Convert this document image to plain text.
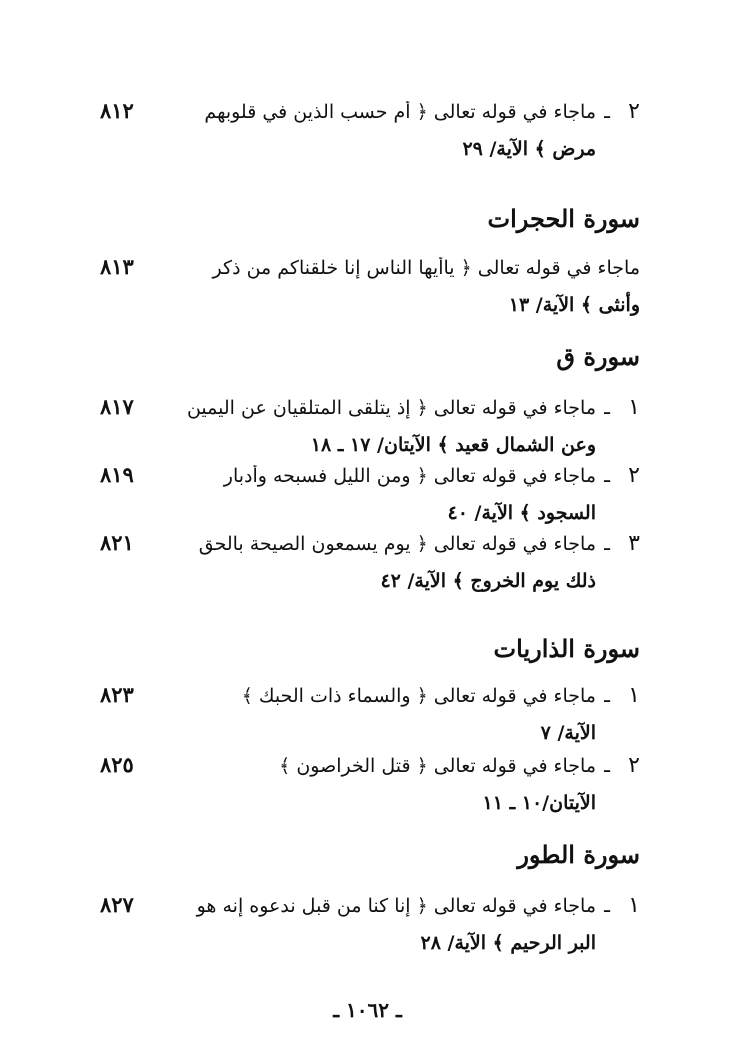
٢
ـ
ماجاء في قوله تعالى ﴿ أم حسب الذين في قلوبهم
٨١٢
مرض ﴾ الآية/ ٢٩
سورة الحجرات
ماجاء في قوله تعالى ﴿ ياأيها الناس إنا خلقناكم من ذكر
٨١٣
وأنثى ﴾ الآية/ ١٣
سورة ق
١
ـ
ماجاء في قوله تعالى ﴿ إذ يتلقى المتلقيان عن اليمين
٨١٧
وعن الشمال قعيد ﴾ الآيتان/ ١٧ ـ ١٨
٢
ـ
ماجاء في قوله تعالى ﴿ ومن الليل فسبحه وأدبار
٨١٩
السجود ﴾ الآية/ ٤٠
٣
ـ
ماجاء في قوله تعالى ﴿ يوم يسمعون الصيحة بالحق
٨٢١
ذلك يوم الخروج ﴾ الآية/ ٤٢
سورة الذاريات
١
ـ
ماجاء في قوله تعالى ﴿ والسماء ذات الحبك ﴾
٨٢٣
الآية/ ٧
٢
ـ
ماجاء في قوله تعالى ﴿ قتل الخراصون ﴾
٨٢٥
الآيتان/١٠ ـ ١١
سورة الطور
١
ـ
ماجاء في قوله تعالى ﴿ إنا كنا من قبل ندعوه إنه هو
٨٢٧
البر الرحيم ﴾ الآية/ ٢٨
ـ ١٠٦٢ ـ
